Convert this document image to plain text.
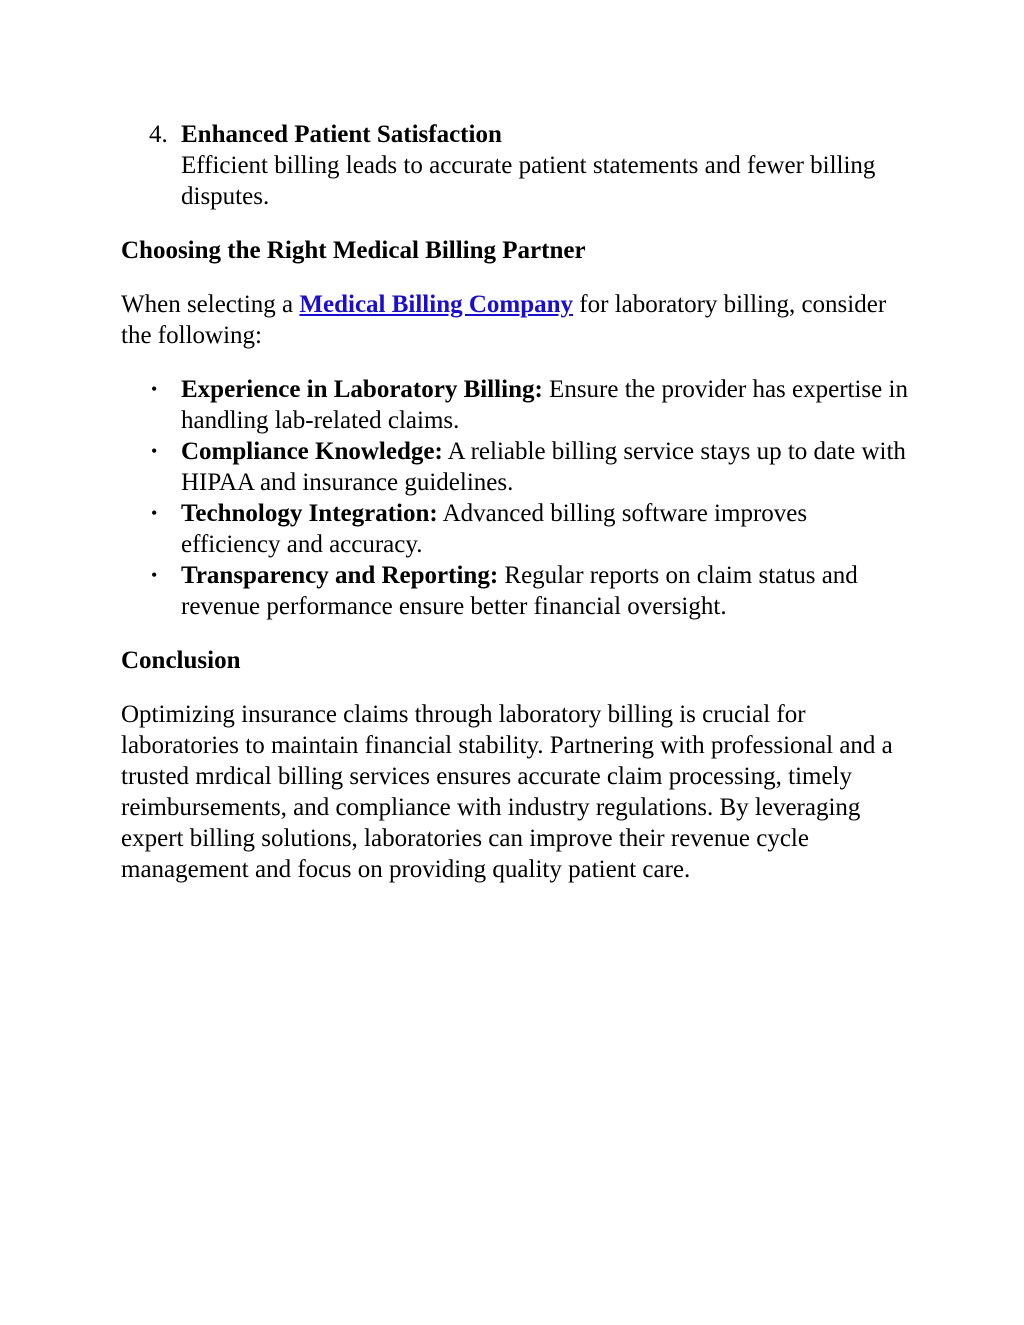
4. Enhanced Patient Satisfaction
Efficient billing leads to accurate patient statements and fewer billing disputes.
Choosing the Right Medical Billing Partner

When selecting a Medical Billing Company for laboratory billing, consider the following:

• Experience in Laboratory Billing: Ensure the provider has expertise in handling lab-related claims.
• Compliance Knowledge: A reliable billing service stays up to date with HIPAA and insurance guidelines.
• Technology Integration: Advanced billing software improves efficiency and accuracy.
• Transparency and Reporting: Regular reports on claim status and revenue performance ensure better financial oversight.
Conclusion

Optimizing insurance claims through laboratory billing is crucial for laboratories to maintain financial stability. Partnering with professional and a trusted mrdical billing services ensures accurate claim processing, timely reimbursements, and compliance with industry regulations. By leveraging expert billing solutions, laboratories can improve their revenue cycle management and focus on providing quality patient care.
